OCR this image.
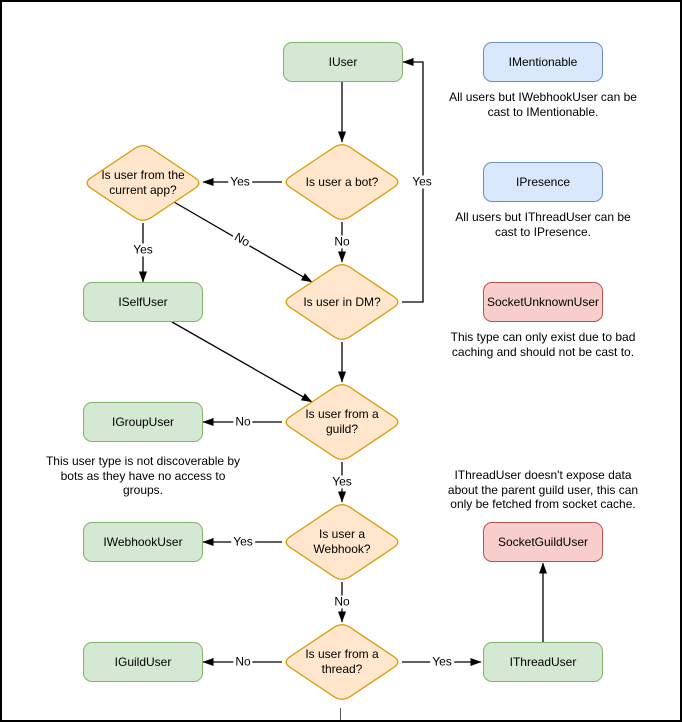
IUser	IMentionable
IPresence
ISelfUser	SocketUnknownUser
IGroupUser
IWebhookUser	SocketGuildUser
IGuildUser	IThreadUser
Is user a bot?
Is user from the
current app?
Is user in DM?
Is user from a
guild?
Is user a
Webhook?
Is user from a
thread?
All users but IWebhookUser can be
cast to IMentionable.
All users but IThreadUser can be
cast to IPresence.
This type can only exist due to bad
caching and should not be cast to.
This user type is not discoverable by
bots as they have no access to
groups.
IThreadUser doesn't expose data
about the parent guild user, this can
only be fetched from socket cache.
Yes
No
Yes
Yes
No
No
Yes
Yes
No
No	Yes
